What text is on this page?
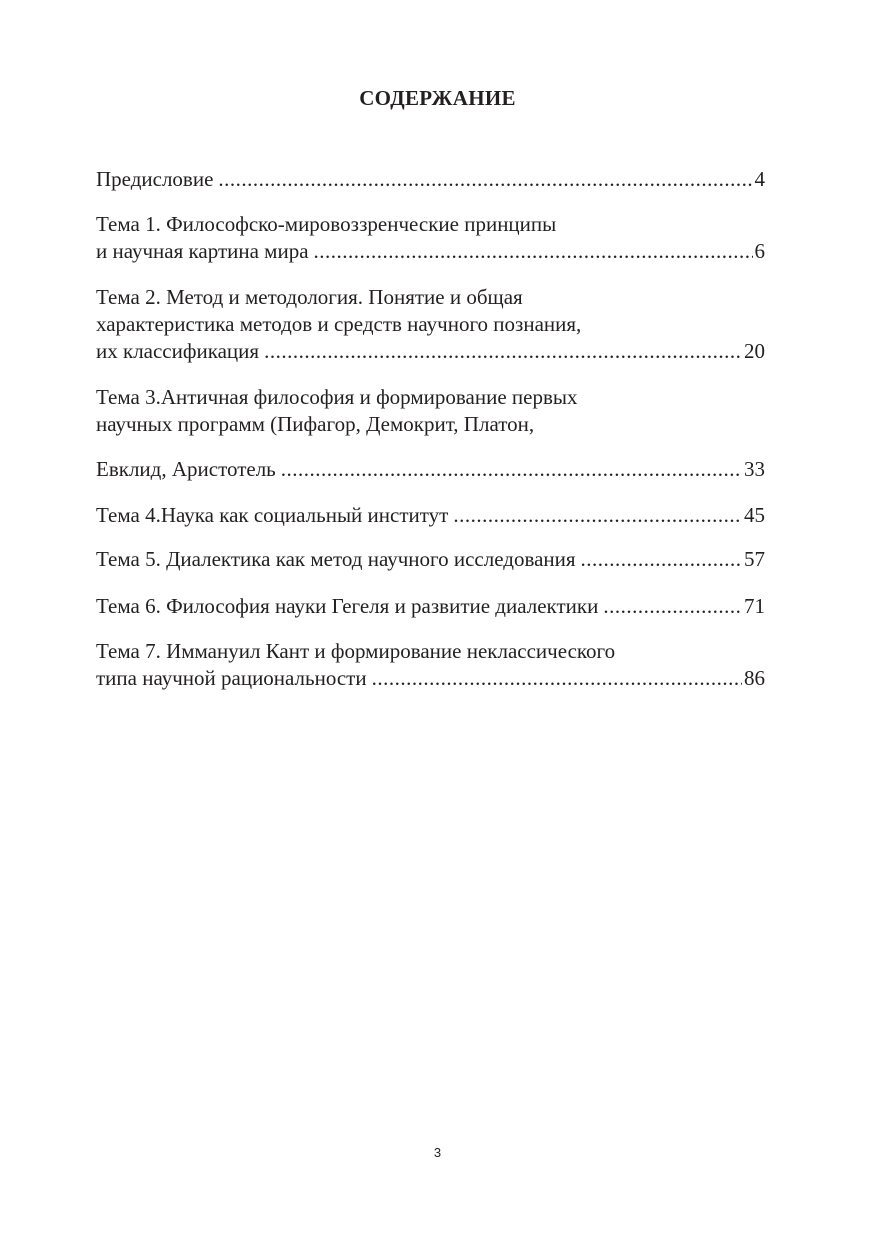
СОДЕРЖАНИЕ
Предисловие .....	4
Тема 1. Философско-мировоззренческие принципы
и научная картина мира .....	6
Тема 2. Метод и методология. Понятие и общая
характеристика методов и средств научного познания,
их классификация .....	20
Тема 3.Античная философия и формирование первых
научных программ (Пифагор, Демокрит, Платон,
Евклид, Аристотель .....	33
Тема 4.Наука как социальный институт .....	45
Тема 5. Диалектика как метод научного исследования .....	57
Тема 6. Философия науки Гегеля и развитие диалектики .....	71
Тема 7. Иммануил Кант и формирование неклассического
типа научной рациональности .....	86
3
